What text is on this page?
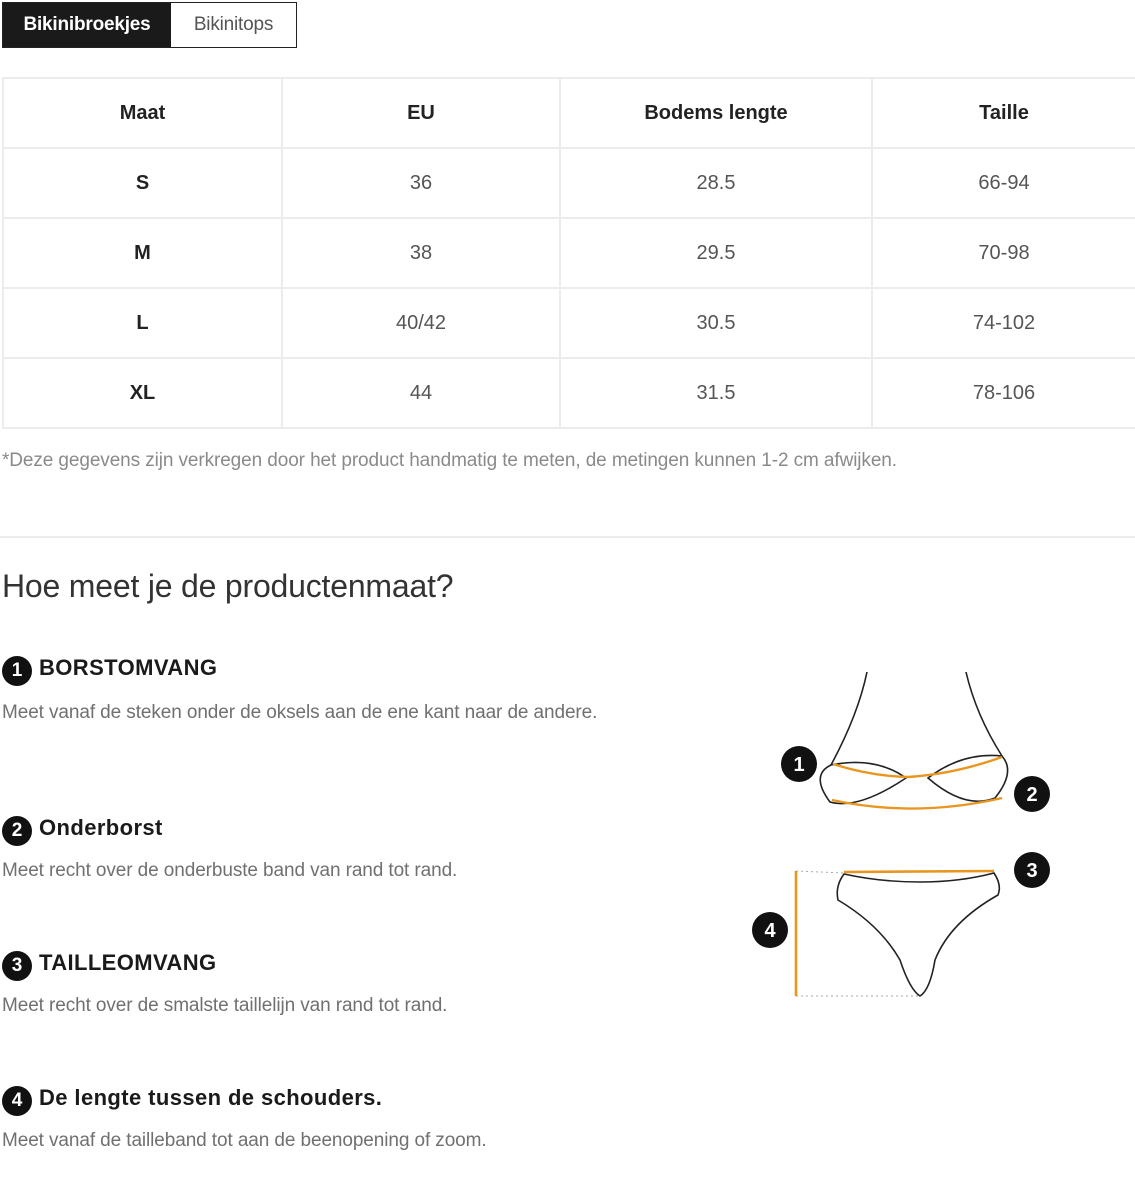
Bikinibroekjes	Bikinitops
Maat	EU	Bodems lengte	Taille
S	36	28.5	66-94
M	38	29.5	70-98
L	40/42	30.5	74-102
XL	44	31.5	78-106
*Deze gegevens zijn verkregen door het product handmatig te meten, de metingen kunnen 1-2 cm afwijken.
Hoe meet je de productenmaat?
1 BORSTOMVANG

Meet vanaf de steken onder de oksels aan de ene kant naar de andere.

2 Onderborst

Meet recht over de onderbuste band van rand tot rand.

3 TAILLEOMVANG

Meet recht over de smalste taillelijn van rand tot rand.

4 De lengte tussen de schouders.

Meet vanaf de tailleband tot aan de beenopening of zoom.

1
2
3
4
